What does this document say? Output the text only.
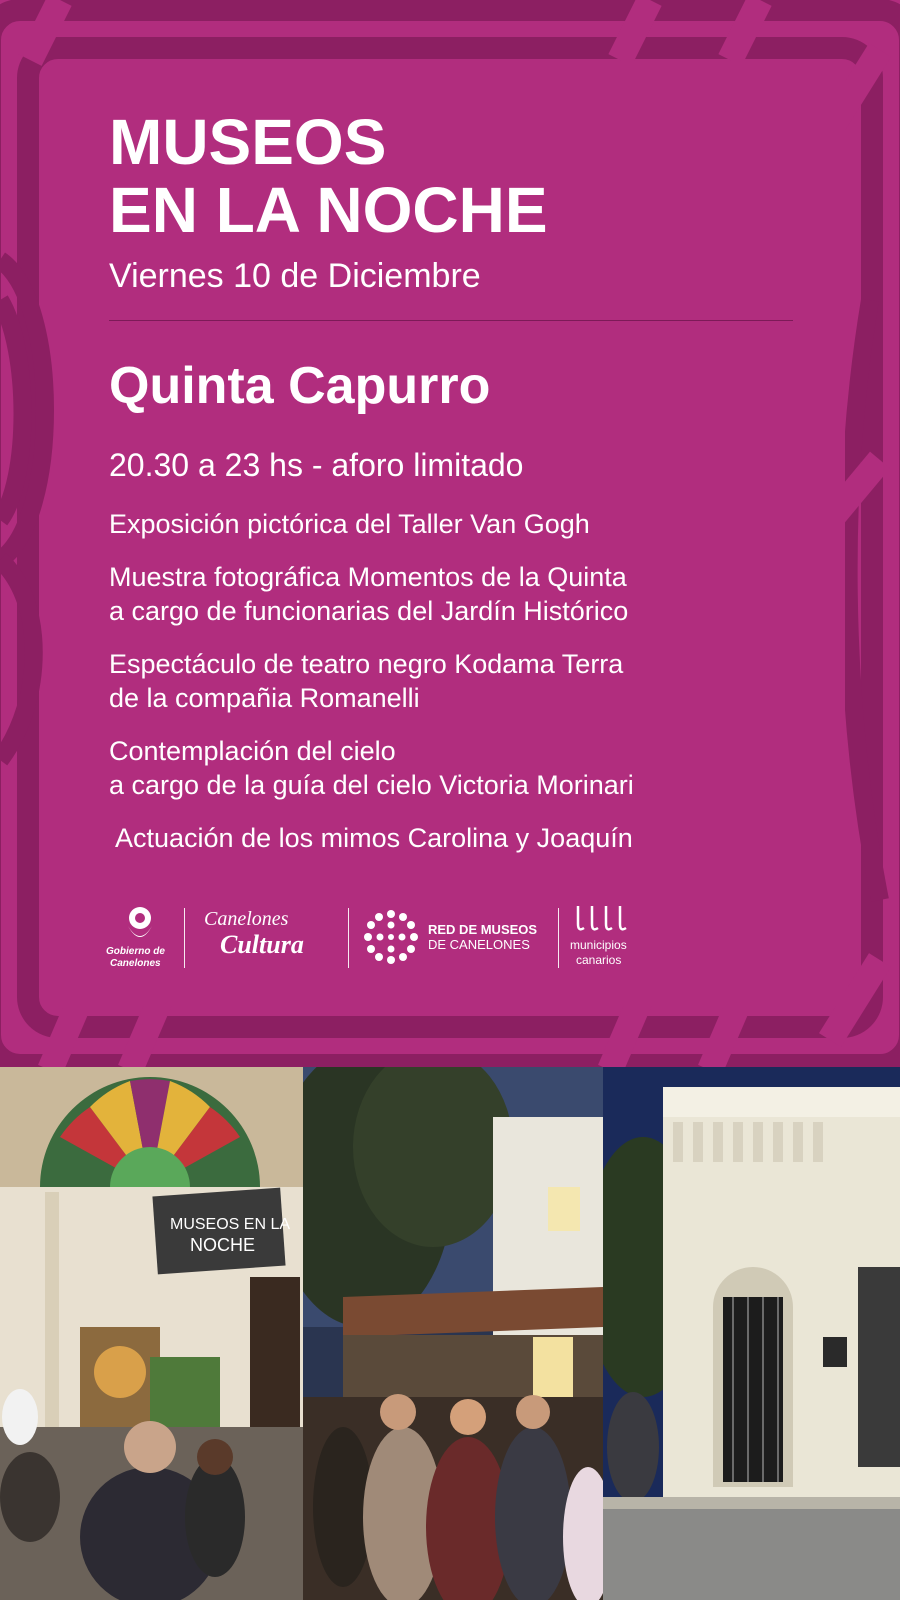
MUSEOS
EN LA NOCHE
Viernes 10 de Diciembre
Quinta Capurro
20.30 a 23 hs - aforo limitado
Exposición pictórica del Taller Van Gogh
Muestra fotográfica Momentos de la Quinta
a cargo de funcionarias del Jardín Histórico
Espectáculo de teatro negro Kodama Terra
de la compañia Romanelli
Contemplación del cielo
a cargo de la guía del cielo Victoria Morinari
Actuación de los mimos Carolina y Joaquín
Gobierno de
Canelones
Canelones
Cultura
RED DE MUSEOS
DE CANELONES	municipios
canarios
MUSEOS EN LA
NOCHE
